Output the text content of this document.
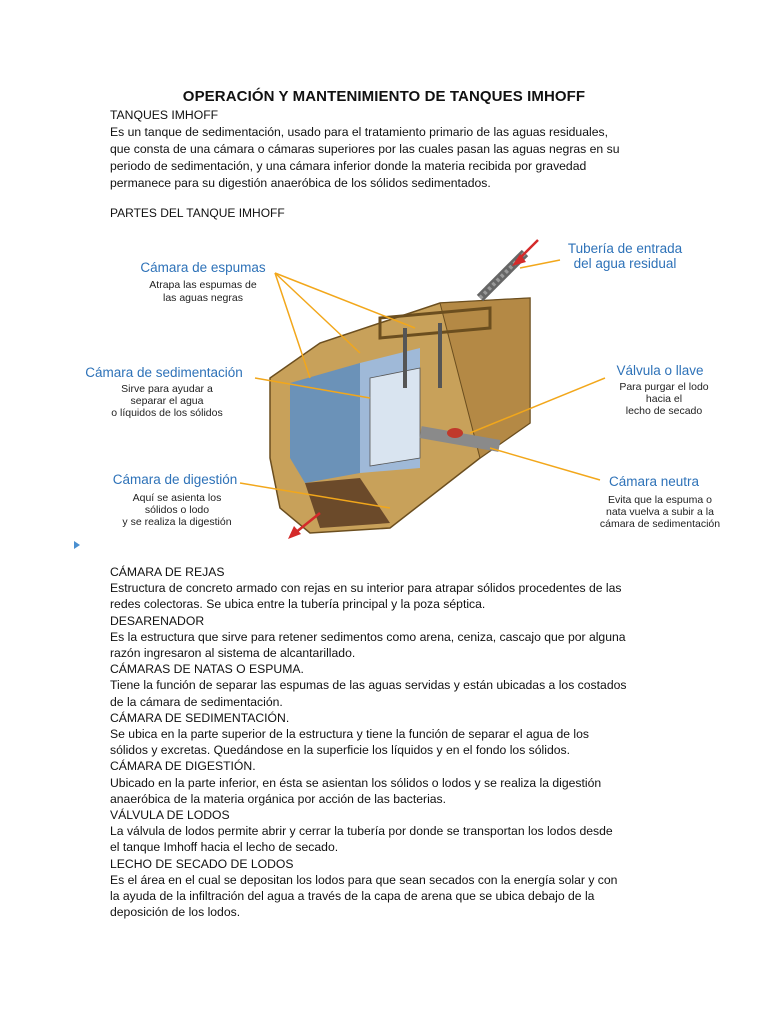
OPERACIÓN Y MANTENIMIENTO DE TANQUES IMHOFF

TANQUES IMHOFF

Es un tanque de sedimentación, usado para el tratamiento primario de las aguas residuales,

que consta de una cámara o cámaras superiores por las cuales pasan las aguas negras en su

periodo de sedimentación, y una cámara inferior donde la materia recibida por gravedad

permanece para su digestión anaeróbica de los sólidos sedimentados.

PARTES DEL TANQUE IMHOFF
Cámara de espumas
Atrapa las espumas de
las aguas negras
Cámara de sedimentación
Sirve para ayudar a
separar el agua
o líquidos de los sólidos
Cámara de digestión
Aquí se asienta los
sólidos o lodo
y se realiza la digestión
Tubería de entrada
del agua residual
Válvula o llave
Para purgar el lodo
hacia el
lecho de secado
Cámara neutra
Evita que la espuma o
nata vuelva a subir a la
cámara de sedimentación

CÁMARA DE REJAS

Estructura de concreto armado con rejas en su interior para atrapar sólidos procedentes de las

redes colectoras. Se ubica entre la tubería principal y la poza séptica.

DESARENADOR

Es la estructura que sirve para retener sedimentos como arena, ceniza, cascajo que por alguna

razón ingresaron al sistema de alcantarillado.

CÁMARAS DE NATAS O ESPUMA.

Tiene la función de separar las espumas de las aguas servidas y están ubicadas a los costados

de la cámara de sedimentación.

CÁMARA DE SEDIMENTACIÓN.

Se ubica en la parte superior de la estructura y tiene la función de separar el agua de los

sólidos y excretas. Quedándose en la superficie los líquidos y en el fondo los sólidos.

CÁMARA DE DIGESTIÓN.

Ubicado en la parte inferior, en ésta se asientan los sólidos o lodos y se realiza la digestión

anaeróbica de la materia orgánica por acción de las bacterias.

VÁLVULA DE LODOS

La válvula de lodos permite abrir y cerrar la tubería por donde se transportan los lodos desde

el tanque Imhoff hacia el lecho de secado.

LECHO DE SECADO DE LODOS

Es el área en el cual se depositan los lodos para que sean secados con la energía solar y con

la ayuda de la infiltración del agua a través de la capa de arena que se ubica debajo de la

deposición de los lodos.
